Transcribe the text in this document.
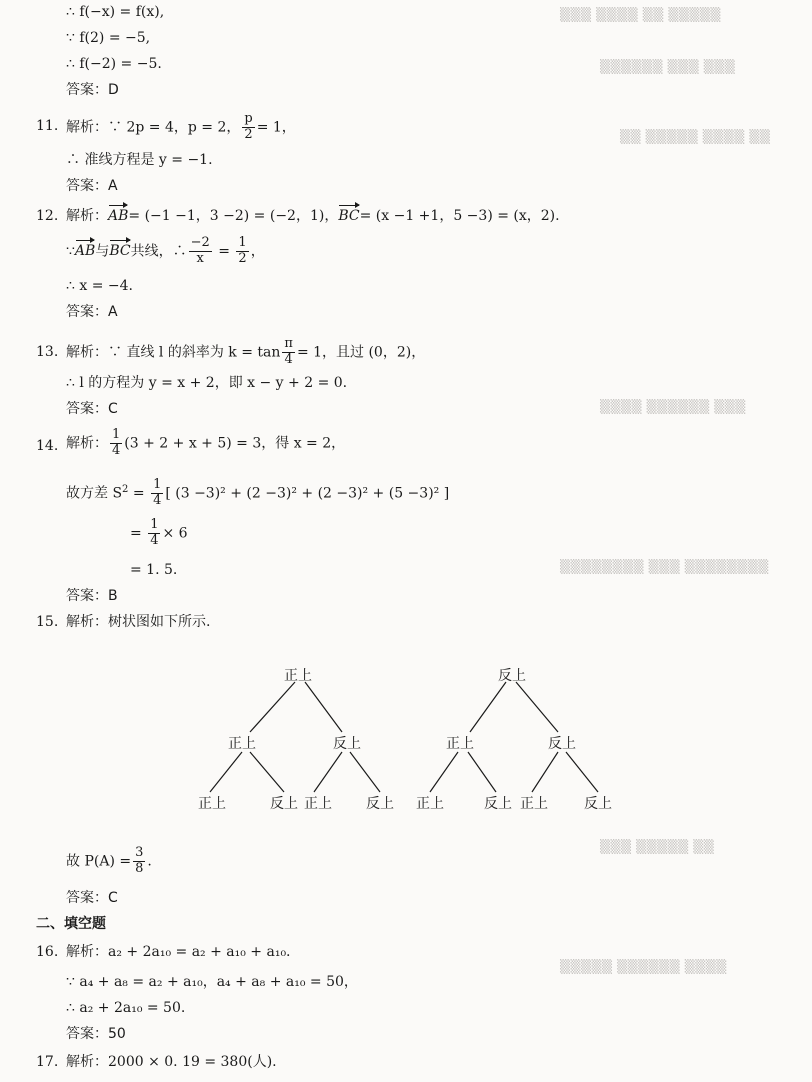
▒▒▒ ▒▒▒▒ ▒▒ ▒▒▒▒▒
▒▒▒▒▒▒ ▒▒▒ ▒▒▒
▒▒ ▒▒▒▒▒ ▒▒▒▒ ▒▒
▒▒▒▒ ▒▒▒▒▒▒ ▒▒▒
▒▒▒▒▒▒▒▒ ▒▒▒ ▒▒▒▒▒▒▒▒
▒▒▒ ▒▒▒▒▒ ▒▒
▒▒▒▒▒ ▒▒▒▒▒▒ ▒▒▒▒
∴ f(−x) = f(x),
∵ f(2) = −5,
∴ f(−2) = −5.
答案：D
11. 解析：∵ 2p = 4，p = 2， $\frac{p}{2} = 1$，
∴ 准线方程是 y = −1.
答案：A
12. 解析：AB= (−1 −1，3 −2) = (−2，1)，BC= (x −1 +1，5 −3) = (x，2).
∵AB与BC共线，∴ $\frac{-2}{x} = \frac{1}{2}$ ，
∴ x = −4.
答案：A
13. 解析：∵ 直线 l 的斜率为 $k = \tan \frac{\pi}{4} = 1$，且过 (0，2)，
∴ l 的方程为 y = x + 2，即 x − y + 2 = 0.
答案：C
14. 解析： $\frac{1}{4} (3 + 2 + x + 5) = 3$，得 x = 2，
故方差 $S^2 = \frac{1}{4}$ [ (3 −3)² + (2 −3)² + (2 −3)² + (5 −3)² ]
= $\frac{1}{4} \times 6$
= 1. 5.
答案：B
15. 解析：树状图如下所示.
正上	反上
正上	反上	正上	反上
正上	反上 正上 反上 正上	反上 正上	反上
故 $P(A) = \frac{3}{8}$ .
答案：C
二、填空题
16. 解析：a₂ + 2a₁₀ = a₂ + a₁₀ + a₁₀.
∵ a₄ + a₈ = a₂ + a₁₀，a₄ + a₈ + a₁₀ = 50，
∴ a₂ + 2a₁₀ = 50.
答案：50
17. 解析：2000 × 0. 19 = 380(人).
